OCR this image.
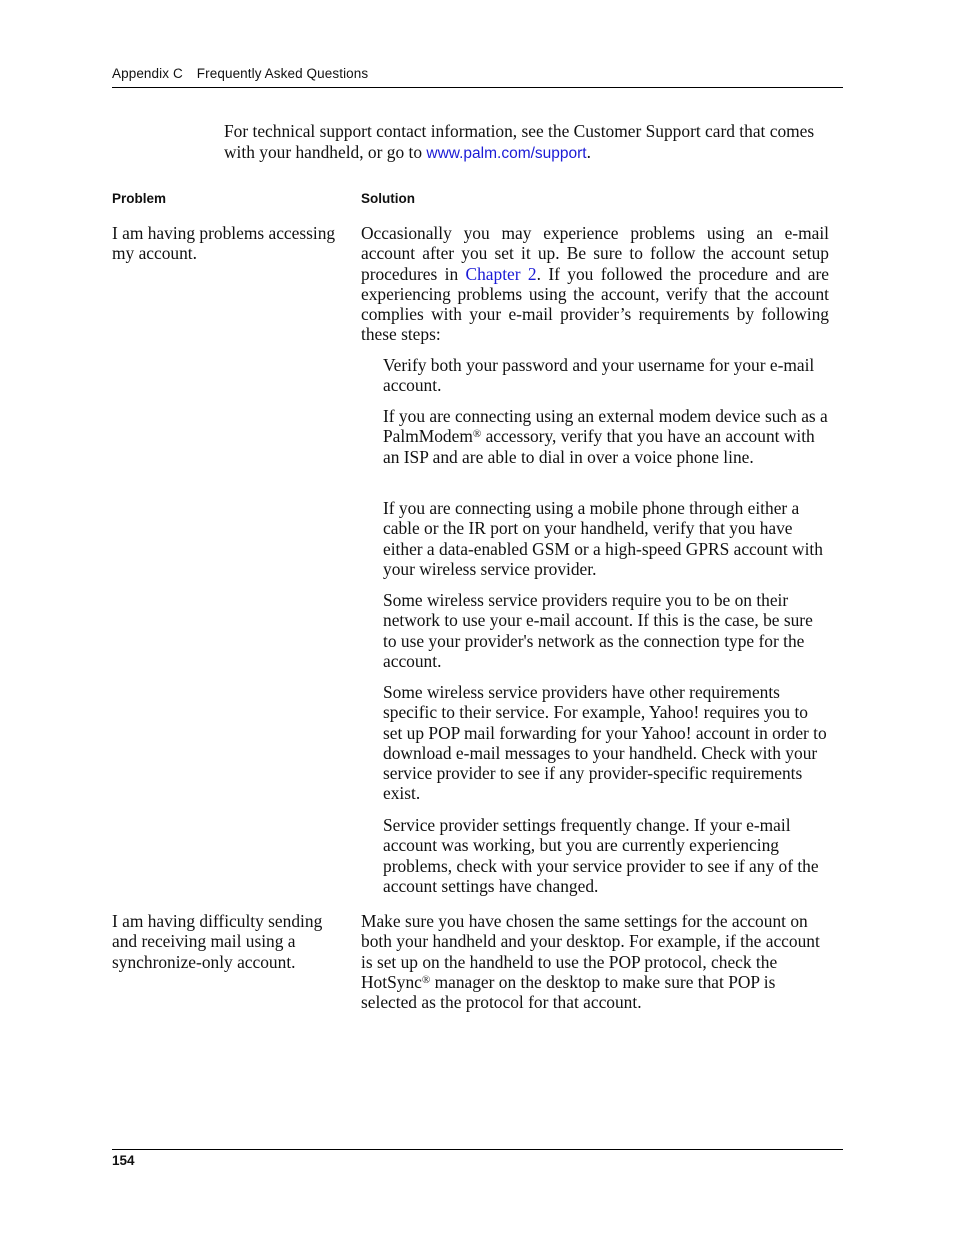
Appendix C Frequently Asked Questions
For technical support contact information, see the Customer Support card that comes with your handheld, or go to www.palm.com/support.
Problem	Solution
I am having problems accessing my account.
Occasionally you may experience problems using an e-mail account after you set it up. Be sure to follow the account setup procedures in Chapter 2. If you followed the procedure and are experiencing problems using the account, verify that the account complies with your e-mail provider’s requirements by following these steps:
Verify both your password and your username for your e-mail account.
If you are connecting using an external modem device such as a PalmModem® accessory, verify that you have an account with an ISP and are able to dial in over a voice phone line.
If you are connecting using a mobile phone through either a cable or the IR port on your handheld, verify that you have either a data-enabled GSM or a high-speed GPRS account with your wireless service provider.
Some wireless service providers require you to be on their network to use your e-mail account. If this is the case, be sure to use your provider's network as the connection type for the account.
Some wireless service providers have other requirements specific to their service. For example, Yahoo! requires you to set up POP mail forwarding for your Yahoo! account in order to download e-mail messages to your handheld. Check with your service provider to see if any provider-specific requirements exist.
Service provider settings frequently change. If your e-mail account was working, but you are currently experiencing problems, check with your service provider to see if any of the account settings have changed.
I am having difficulty sending and receiving mail using a synchronize-only account.
Make sure you have chosen the same settings for the account on both your handheld and your desktop. For example, if the account is set up on the handheld to use the POP protocol, check the HotSync® manager on the desktop to make sure that POP is selected as the protocol for that account.
154
